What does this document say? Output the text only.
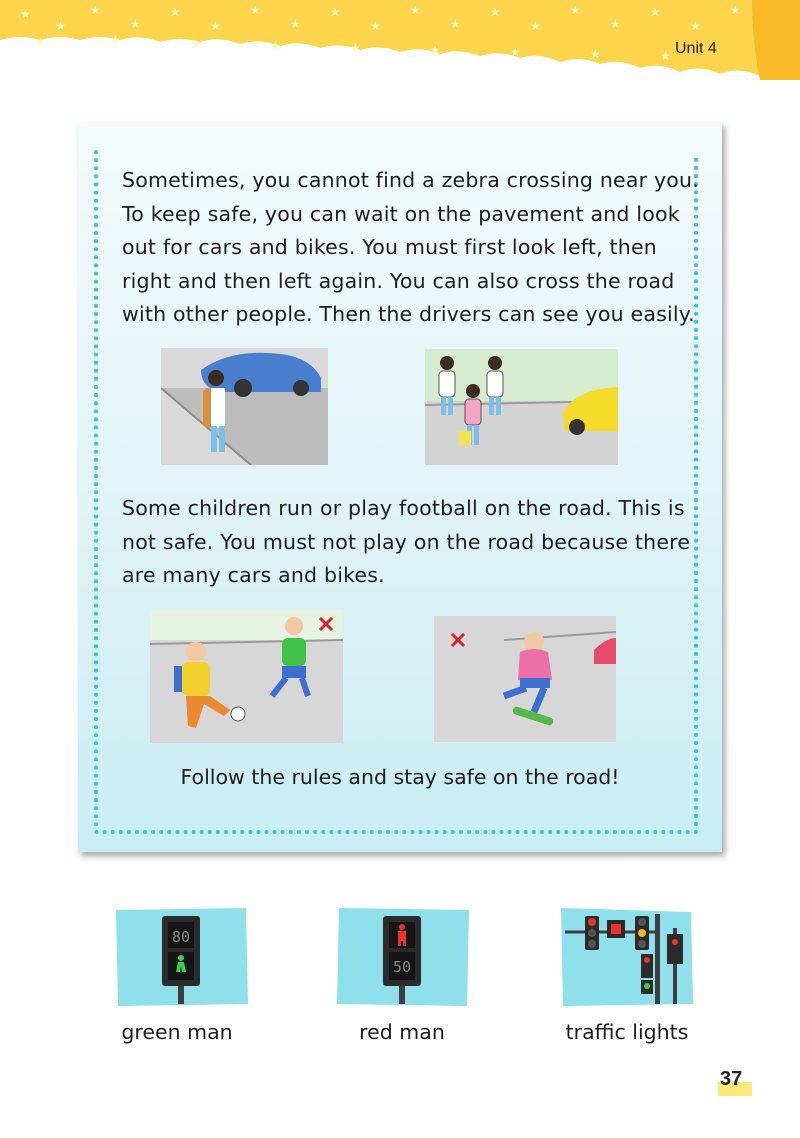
★
★
★
★
★
★
★
★
★
★
★
★
★
★
★
★
★
★
★
★	★	★	★	★	★	★	★	★ Unit 4

Sometimes, you cannot find a zebra crossing near you.
To keep safe, you can wait on the pavement and look
out for cars and bikes. You must first look left, then
right and then left again. You can also cross the road
with other people. Then the drivers can see you easily.

Some children run or play football on the road. This is
not safe. You must not play on the road because there
are many cars and bikes.

Follow the rules and stay safe on the road!
80
green man
50
red man	traffic lights
37
